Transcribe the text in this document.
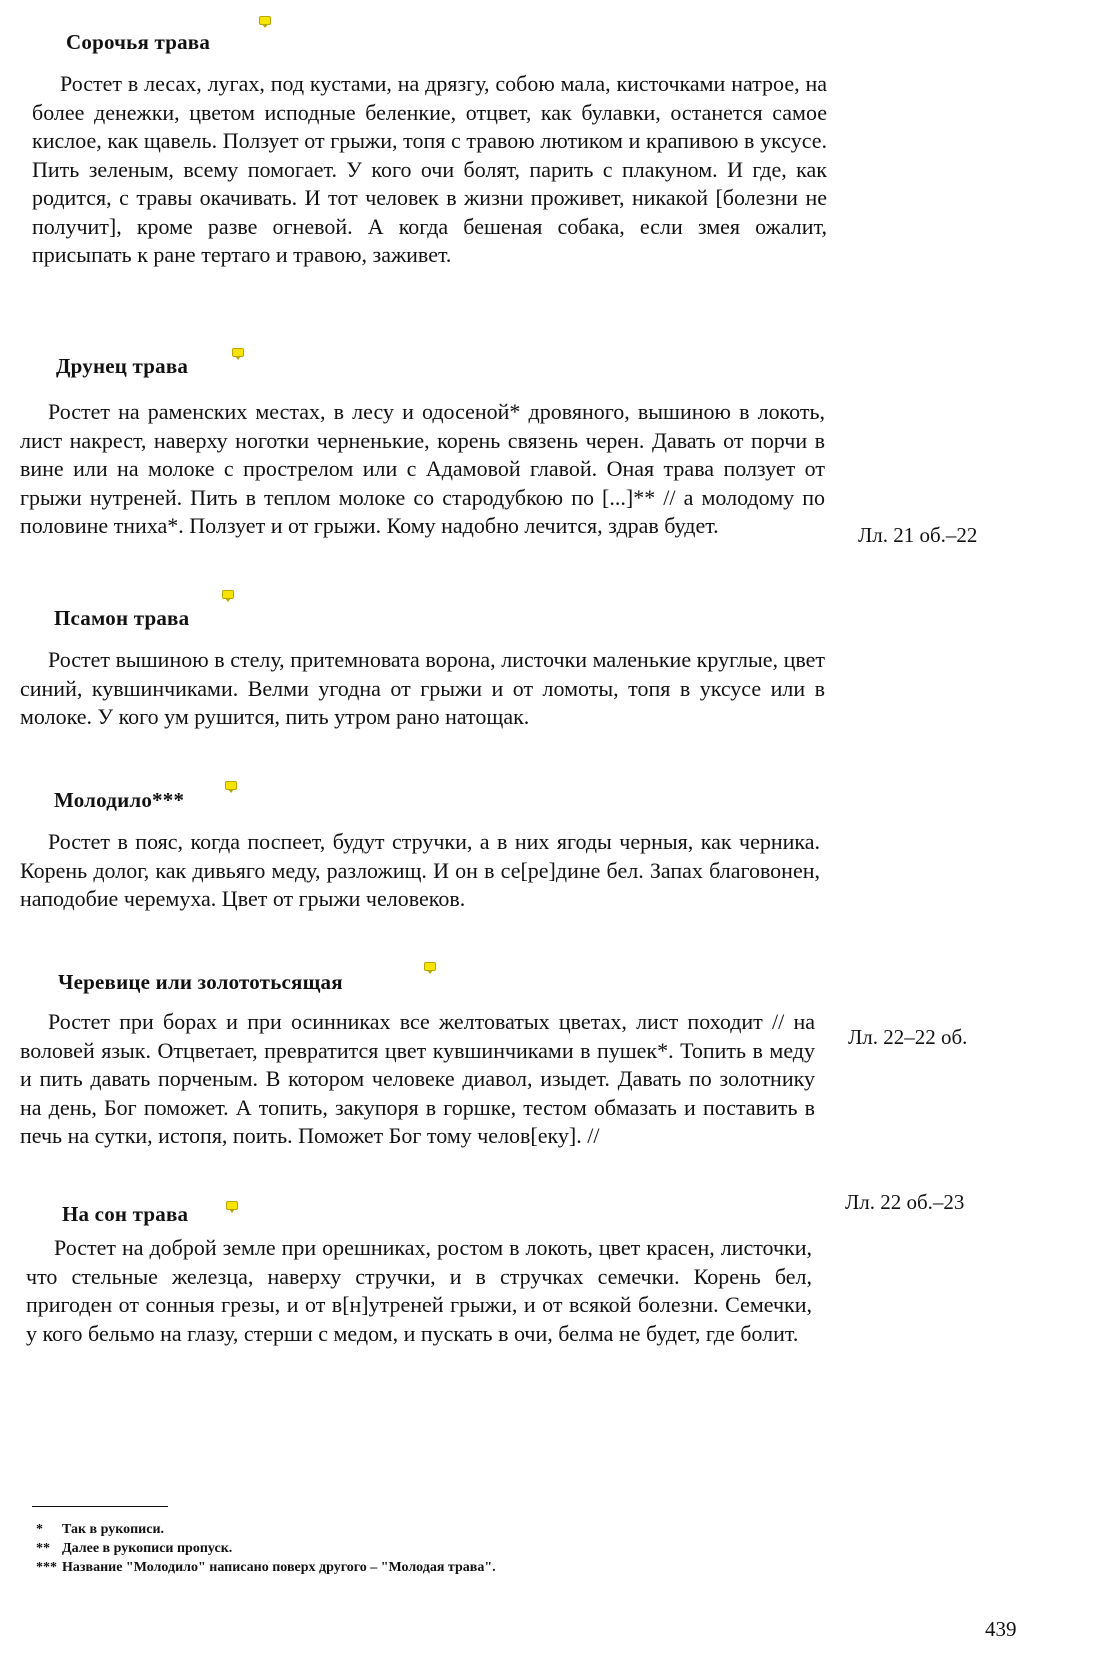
Сорочья трава

Ростет в лесах, лугах, под кустами, на дрязгу, собою мала, кисточками натрое, на более денежки, цветом исподные беленкие, отцвет, как булавки, останется самое кислое, как щавель. Ползует от грыжи, топя с травою лютиком и крапивою в уксусе. Пить зеленым, всему помогает. У кого очи болят, парить с плакуном. И где, как родится, с травы окачивать. И тот человек в жизни проживет, никакой [болезни не получит], кроме разве огневой. А когда бешеная собака, если змея ожалит, присыпать к ране тертаго и травою, заживет.

Друнец трава

Ростет на раменских местах, в лесу и одосеной* дровяного, вышиною в локоть, лист накрест, наверху ноготки черненькие, корень связень черен. Давать от порчи в вине или на молоке с прострелом или с Адамовой главой. Оная трава ползует от грыжи нутреней. Пить в теплом молоке со стародубкою по [...]** // а молодому по половине тниха*. Ползует и от грыжи. Кому надобно лечится, здрав будет.	Лл. 21 об.–22
Псамон трава

Ростет вышиною в стелу, притемновата ворона, листочки маленькие круглые, цвет синий, кувшинчиками. Велми угодна от грыжи и от ломоты, топя в уксусе или в молоке. У кого ум рушится, пить утром рано натощак.

Молодило***

Ростет в пояс, когда поспеет, будут стручки, а в них ягоды черныя, как черника. Корень долог, как дивьяго меду, разложищ. И он в се[ре]дине бел. Запах благовонен, наподобие черемуха. Цвет от грыжи человеков.

Черевице или золототьсящая

Ростет при борах и при осинниках все желтоватых цветах, лист походит // на воловей язык. Отцветает, превратится цвет кувшинчиками в пушек*. Топить в меду и пить давать порченым. В котором человеке диавол, изыдет. Давать по золотнику на день, Бог поможет. А топить, закупоря в горшке, тестом обмазать и поставить в печь на сутки, истопя, поить. Поможет Бог тому челов[еку]. //

Лл. 22–22 об.
На сон трава

Ростет на доброй земле при орешниках, ростом в локоть, цвет красен, листочки, что стельные железца, наверху стручки, и в стручках семечки. Корень бел, пригоден от сонныя грезы, и от в[н]утреней грыжи, и от всякой болезни. Семечки, у кого бельмо на глазу, стерши с медом, и пускать в очи, белма не будет, где болит.

Лл. 22 об.–23
* Так в рукописи.
** Далее в рукописи пропуск.
*** Название "Молодило" написано поверх другого – "Молодая трава".
439
